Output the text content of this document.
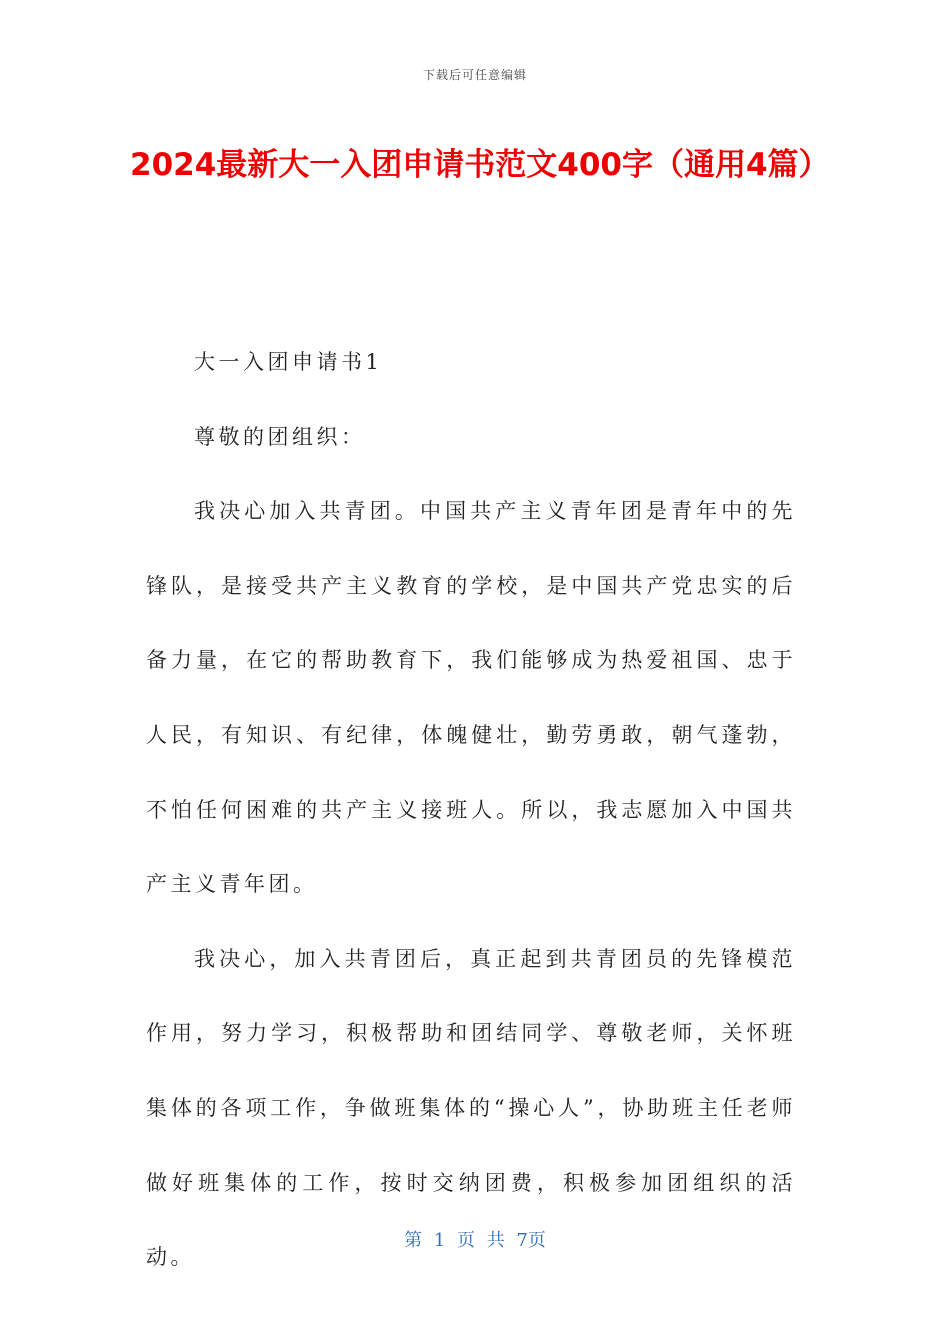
下载后可任意编辑
2024最新大一入团申请书范文400字（通用4篇）

大一入团申请书1

尊敬的团组织：

我决心加入共青团。中国共产主义青年团是青年中的先锋队，是接受共产主义教育的学校，是中国共产党忠实的后备力量，在它的帮助教育下，我们能够成为热爱祖国、忠于人民，有知识、有纪律，体魄健壮，勤劳勇敢，朝气蓬勃，不怕任何困难的共产主义接班人。所以，我志愿加入中国共产主义青年团。

我决心，加入共青团后，真正起到共青团员的先锋模范作用，努力学习，积极帮助和团结同学、尊敬老师，关怀班集体的各项工作，争做班集体的“操心人”，协助班主任老师做好班集体的工作，按时交纳团费，积极参加团组织的活动。

第 1 页 共 7页
